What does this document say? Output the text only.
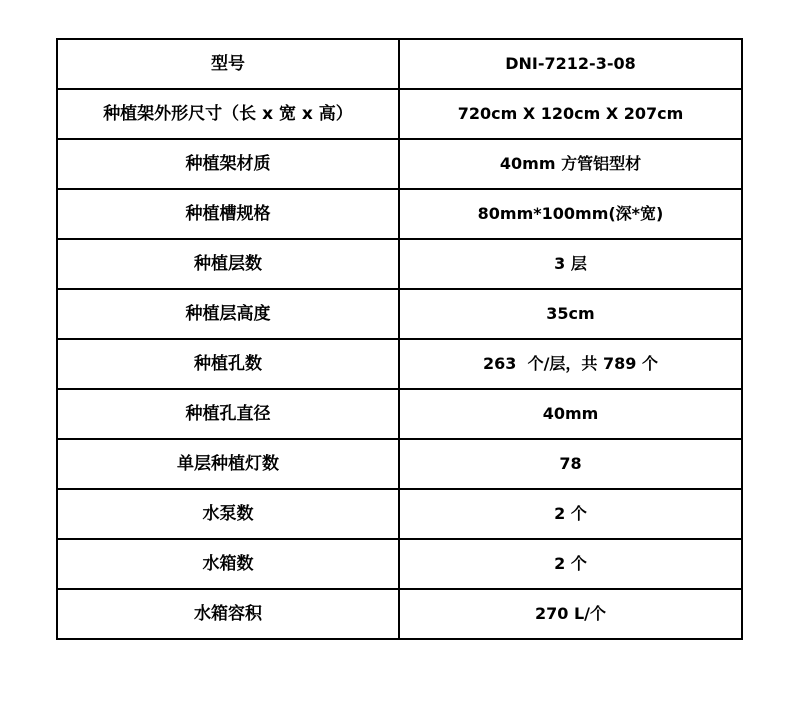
型号	DNI-7212-3-08
种植架外形尺寸（长 x 宽 x 高）	720cm X 120cm X 207cm
种植架材质	40mm 方管铝型材
种植槽规格	80mm*100mm(深*宽)
种植层数	3 层
种植层高度	35cm
种植孔数	263  个/层，共 789 个
种植孔直径	40mm
单层种植灯数	78
水泵数	2 个
水箱数	2 个
水箱容积	270 L/个
